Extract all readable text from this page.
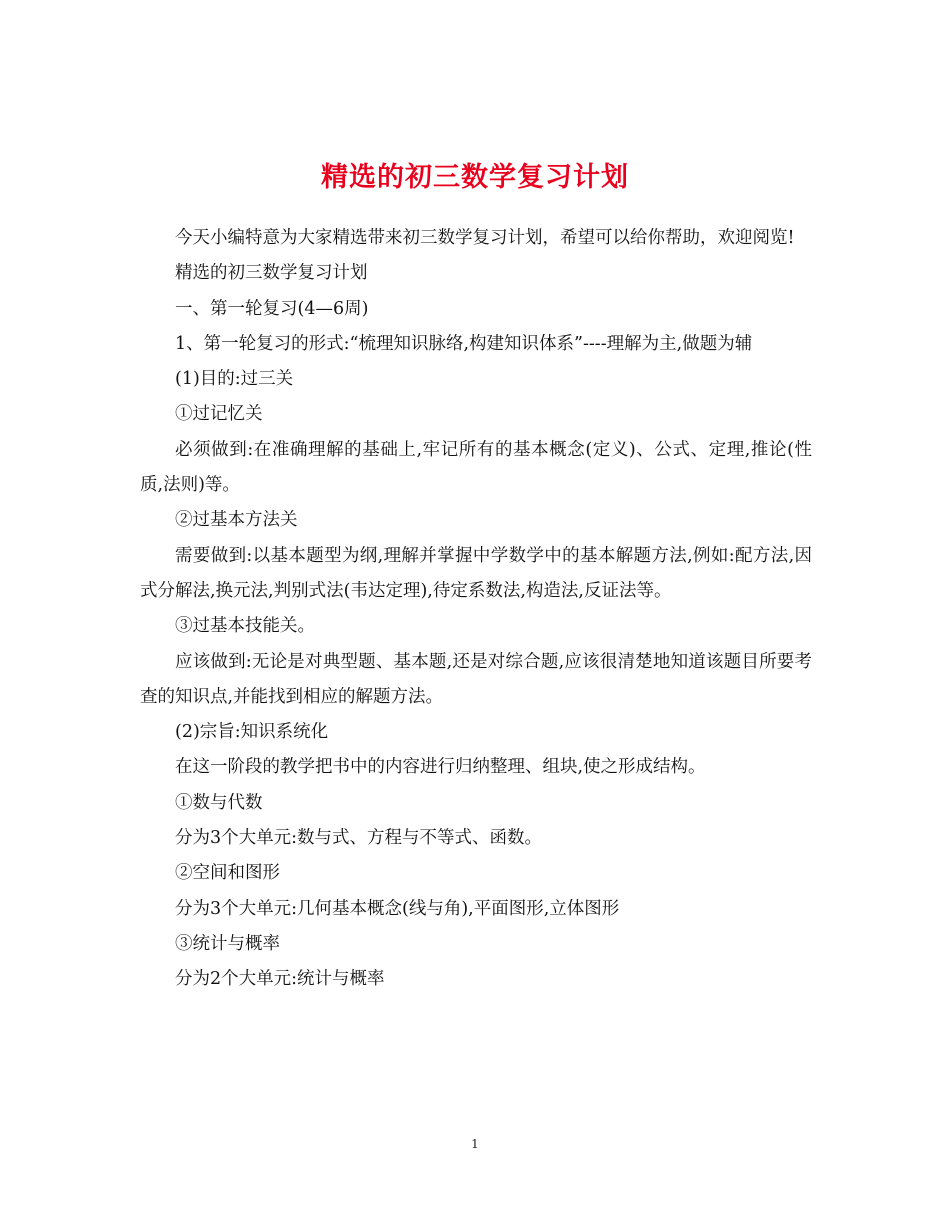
精选的初三数学复习计划

今天小编特意为大家精选带来初三数学复习计划，希望可以给你帮助，欢迎阅览!

精选的初三数学复习计划

一、第一轮复习(4—6周)

1、第一轮复习的形式:“梳理知识脉络,构建知识体系”----理解为主,做题为辅

(1)目的:过三关

①过记忆关

必须做到:在准确理解的基础上,牢记所有的基本概念(定义)、公式、定理,推论(性质,法则)等。

②过基本方法关

需要做到:以基本题型为纲,理解并掌握中学数学中的基本解题方法,例如:配方法,因式分解法,换元法,判别式法(韦达定理),待定系数法,构造法,反证法等。

③过基本技能关。

应该做到:无论是对典型题、基本题,还是对综合题,应该很清楚地知道该题目所要考查的知识点,并能找到相应的解题方法。

(2)宗旨:知识系统化

在这一阶段的教学把书中的内容进行归纳整理、组块,使之形成结构。

①数与代数

分为3个大单元:数与式、方程与不等式、函数。

②空间和图形

分为3个大单元:几何基本概念(线与角),平面图形,立体图形

③统计与概率

分为2个大单元:统计与概率

1
